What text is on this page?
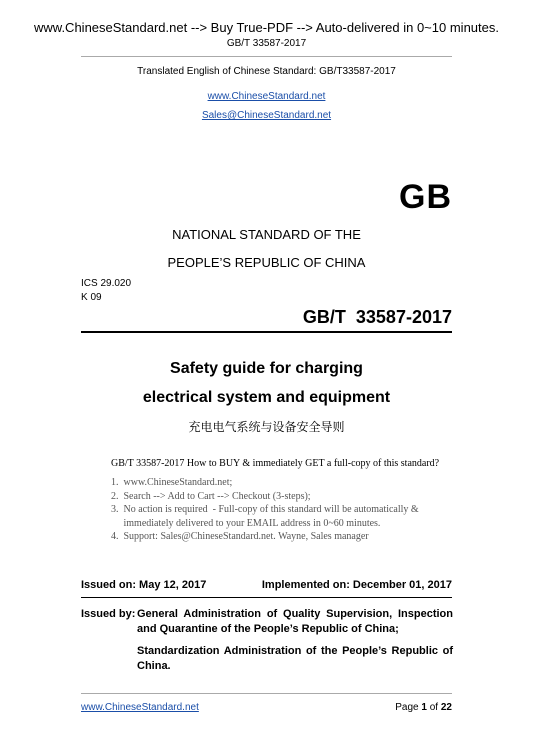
www.ChineseStandard.net --> Buy True-PDF --> Auto-delivered in 0~10 minutes.
GB/T 33587-2017
Translated English of Chinese Standard: GB/T33587-2017
www.ChineseStandard.net
Sales@ChineseStandard.net
GB
NATIONAL STANDARD OF THE
PEOPLE’S REPUBLIC OF CHINA
ICS 29.020
K 09
GB/T  33587-2017
Safety guide for charging
electrical system and equipment
充电电气系统与设备安全导则
GB/T 33587-2017 How to BUY & immediately GET a full-copy of this standard?
1.  www.ChineseStandard.net;
2.  Search --> Add to Cart --> Checkout (3-steps);
3.  No action is required  - Full-copy of this standard will be automatically &
immediately delivered to your EMAIL address in 0~60 minutes.
4.  Support: Sales@ChineseStandard.net. Wayne, Sales manager
Issued on: May 12, 2017	Implemented on: December 01, 2017
Issued by: General Administration of Quality Supervision, Inspection and Quarantine of the People’s Republic of China;
Standardization Administration of the People’s Republic of China.
www.ChineseStandard.net	Page 1 of 22
